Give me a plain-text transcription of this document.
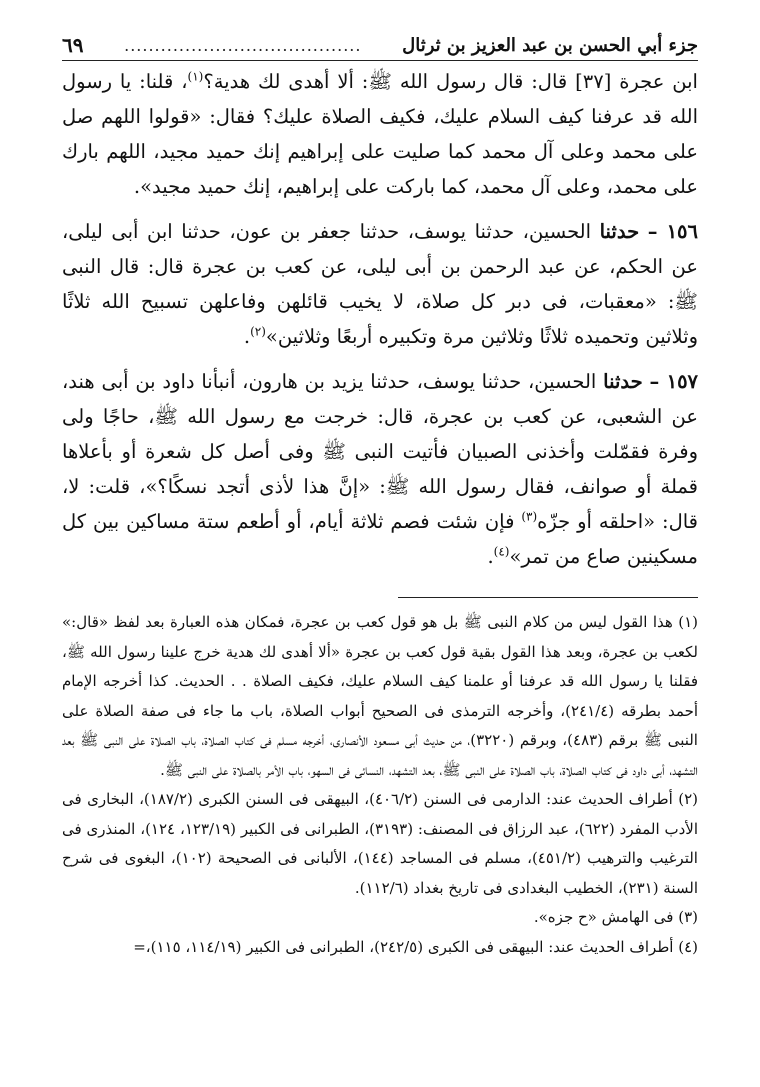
جزء أبي الحسن بن عبد العزيز بن ثرثال
.......................................
٦٩

ابن عجرة [٣٧] قال: قال رسول الله ﷺ: ألا أهدى لك هدية؟$^{(١)}$، قلنا: يا رسول الله قد عرفنا كيف السلام عليك، فكيف الصلاة عليك؟ فقال: «قولوا اللهم صل على محمد وعلى آل محمد كما صليت على إبراهيم إنك حميد مجيد، اللهم بارك على محمد، وعلى آل محمد، كما باركت على إبراهيم، إنك حميد مجيد».

١٥٦ – حدثنا الحسين، حدثنا يوسف، حدثنا جعفر بن عون، حدثنا ابن أبى ليلى، عن الحكم، عن عبد الرحمن بن أبى ليلى، عن كعب بن عجرة قال: قال النبى ﷺ: «معقبات، فى دبر كل صلاة، لا يخيب قائلهن وفاعلهن تسبيح الله ثلاثًا وثلاثين وتحميده ثلاثًا وثلاثين مرة وتكبيره أربعًا وثلاثين»$^{(٢)}$.

١٥٧ – حدثنا الحسين، حدثنا يوسف، حدثنا يزيد بن هارون، أنبأنا داود بن أبى هند، عن الشعبى، عن كعب بن عجرة، قال: خرجت مع رسول الله ﷺ، حاجًا ولى وفرة فقمّلت وأخذنى الصبيان فأتيت النبى ﷺ وفى أصل كل شعرة أو بأعلاها قملة أو صوانف، فقال رسول الله ﷺ: «إنَّ هذا لأذى أتجد نسكًا؟»، قلت: لا، قال: «احلقه أو جزّه$^{(٣)}$ فإن شئت فصم ثلاثة أيام، أو أطعم ستة مساكين بين كل مسكينين صاع من تمر»$^{(٤)}$.

(١) هذا القول ليس من كلام النبى ﷺ بل هو قول كعب بن عجرة، فمكان هذه العبارة بعد لفظ «قال:» لكعب بن عجرة، وبعد هذا القول بقية قول كعب بن عجرة «ألا أهدى لك هدية خرج علينا رسول الله ﷺ، فقلنا يا رسول الله قد عرفنا أو علمنا كيف السلام عليك، فكيف الصلاة . . الحديث. كذا أخرجه الإمام أحمد بطرقه (٢٤١/٤)، وأخرجه الترمذى فى الصحيح أبواب الصلاة، باب ما جاء فى صفة الصلاة على النبى ﷺ برقم (٤٨٣)، وبرقم (٣٢٢٠)، من حديث أبى مسعود الأنصارى، أخرجه مسلم فى كتاب الصلاة، باب الصلاة على النبى ﷺ بعد التشهد، أبى داود فى كتاب الصلاة، باب الصلاة على النبى ﷺ، بعد التشهد، النسائى فى السهو، باب الأمر بالصلاة على النبى ﷺ.

(٢) أطراف الحديث عند: الدارمى فى السنن (٤٠٦/٢)، البيهقى فى السنن الكبرى (١٨٧/٢)، البخارى فى الأدب المفرد (٦٢٢)، عبد الرزاق فى المصنف: (٣١٩٣)، الطبرانى فى الكبير (١٢٣/١٩، ١٢٤)، المنذرى فى الترغيب والترهيب (٤٥١/٢)، مسلم فى المساجد (١٤٤)، الألبانى فى الصحيحة (١٠٢)، البغوى فى شرح السنة (٢٣١)، الخطيب البغدادى فى تاريخ بغداد (١١٢/٦).

(٣) فى الهامش «ح جزه».

(٤) أطراف الحديث عند: البيهقى فى الكبرى (٢٤٢/٥)، الطبرانى فى الكبير (١١٤/١٩، ١١٥)،=
